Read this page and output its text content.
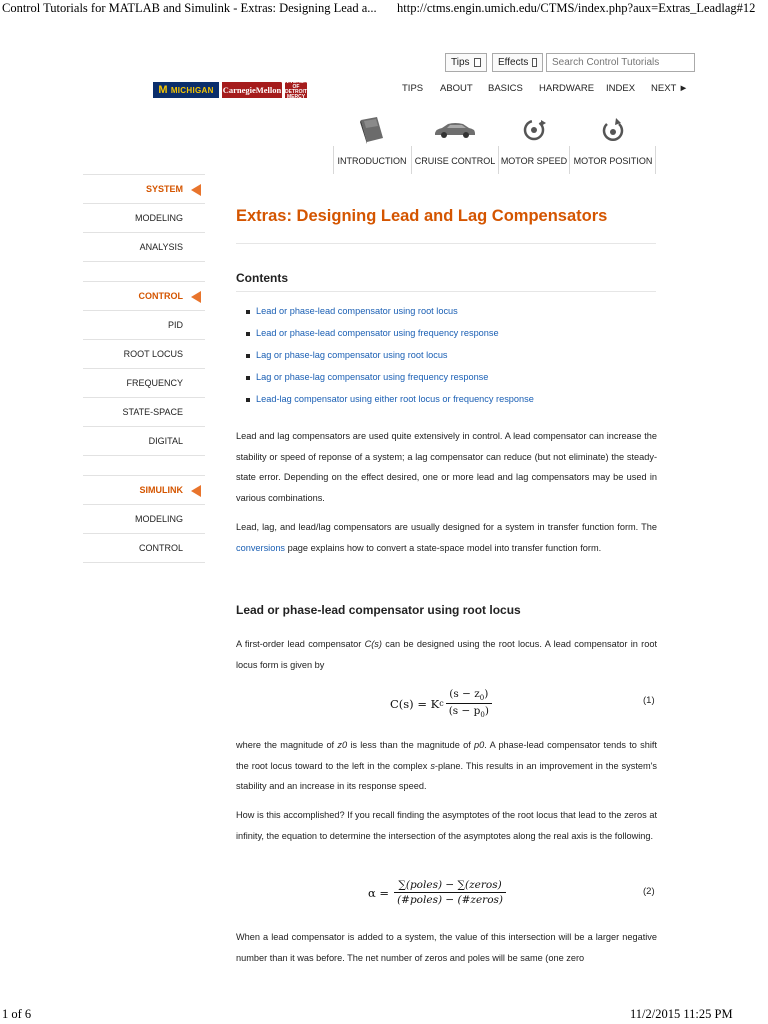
Control Tutorials for MATLAB and Simulink - Extras: Designing Lead a... http://ctms.engin.umich.edu/CTMS/index.php?aux=Extras_Leadlag#12
Tips	Effects
Search Control Tutorials
M MICHIGAN CarnegieMellon
UNIVERSITY OF DETROIT MERCY
TIPS ABOUT BASICS HARDWARE INDEX NEXT ►
INTRODUCTION CRUISE CONTROL MOTOR SPEED MOTOR POSITION
SYSTEM
MODELING
ANALYSIS
CONTROL
PID
ROOT LOCUS
FREQUENCY
STATE-SPACE
DIGITAL
SIMULINK
MODELING
CONTROL
Extras: Designing Lead and Lag Compensators
Contents
Lead or phase-lead compensator using root locus
Lead or phase-lead compensator using frequency response
Lag or phase-lag compensator using root locus
Lag or phase-lag compensator using frequency response
Lead-lag compensator using either root locus or frequency response

Lead and lag compensators are used quite extensively in control. A lead compensator can increase the stability or speed of reponse of a system; a lag compensator can reduce (but not eliminate) the steady-state error. Depending on the effect desired, one or more lead and lag compensators may be used in various combinations.

Lead, lag, and lead/lag compensators are usually designed for a system in transfer function form. The conversions page explains how to convert a state-space model into transfer function form.

Lead or phase-lead compensator using root locus

A first-order lead compensator C(s) can be designed using the root locus. A lead compensator in root locus form is given by

C(s) = K c $\frac{(s - z_0)}{(s - p_0)}$	(1)

where the magnitude of z0 is less than the magnitude of p0. A phase-lead compensator tends to shift the root locus toward to the left in the complex s-plane. This results in an improvement in the system's stability and an increase in its response speed.

How is this accomplished? If you recall finding the asymptotes of the root locus that lead to the zeros at infinity, the equation to determine the intersection of the asymptotes along the real axis is the following.

$\alpha = \frac{\text{∑(poles) − ∑(zeros)}}{\text{(\#poles) − (\#zeros)}}$	(2)

When a lead compensator is added to a system, the value of this intersection will be a larger negative number than it was before. The net number of zeros and poles will be same (one zero

1 of 6	11/2/2015 11:25 PM
